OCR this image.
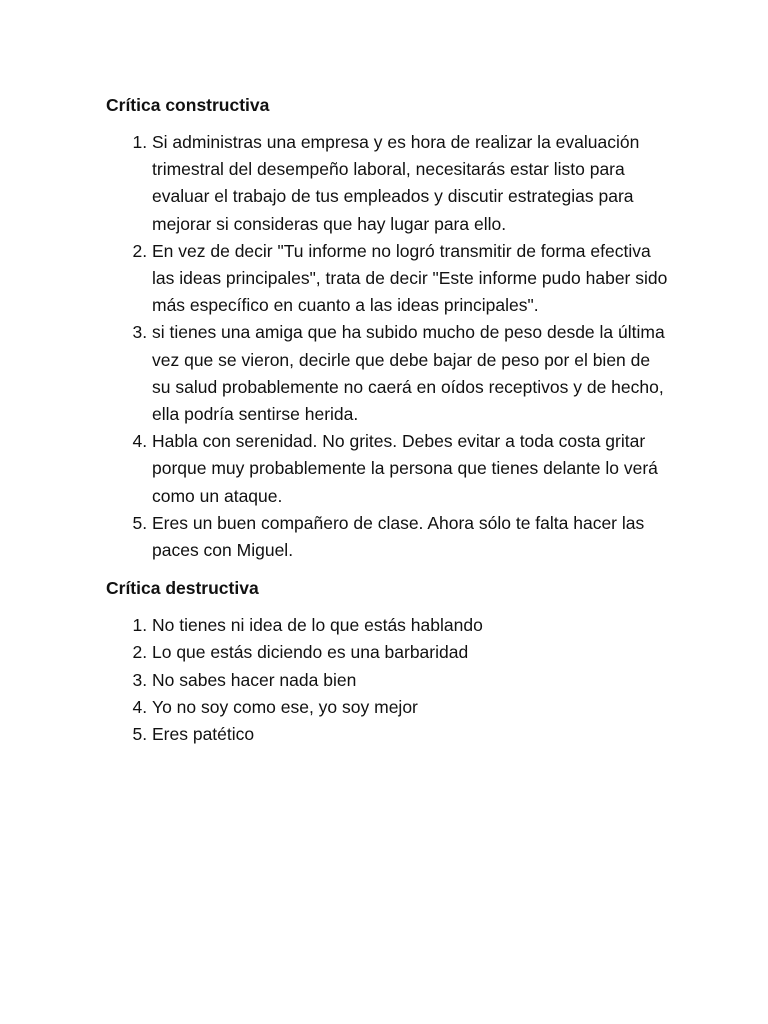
Crítica constructiva
1. Si administras una empresa y es hora de realizar la evaluación trimestral del desempeño laboral, necesitarás estar listo para evaluar el trabajo de tus empleados y discutir estrategias para mejorar si consideras que hay lugar para ello.
2. En vez de decir "Tu informe no logró transmitir de forma efectiva las ideas principales", trata de decir "Este informe pudo haber sido más específico en cuanto a las ideas principales".
3. si tienes una amiga que ha subido mucho de peso desde la última vez que se vieron, decirle que debe bajar de peso por el bien de su salud probablemente no caerá en oídos receptivos y de hecho, ella podría sentirse herida.
4. Habla con serenidad. No grites. Debes evitar a toda costa gritar porque muy probablemente la persona que tienes delante lo verá como un ataque.
5. Eres un buen compañero de clase. Ahora sólo te falta hacer las paces con Miguel.
Crítica destructiva
1. No tienes ni idea de lo que estás hablando
2. Lo que estás diciendo es una barbaridad
3. No sabes hacer nada bien
4. Yo no soy como ese, yo soy mejor
5. Eres patético
